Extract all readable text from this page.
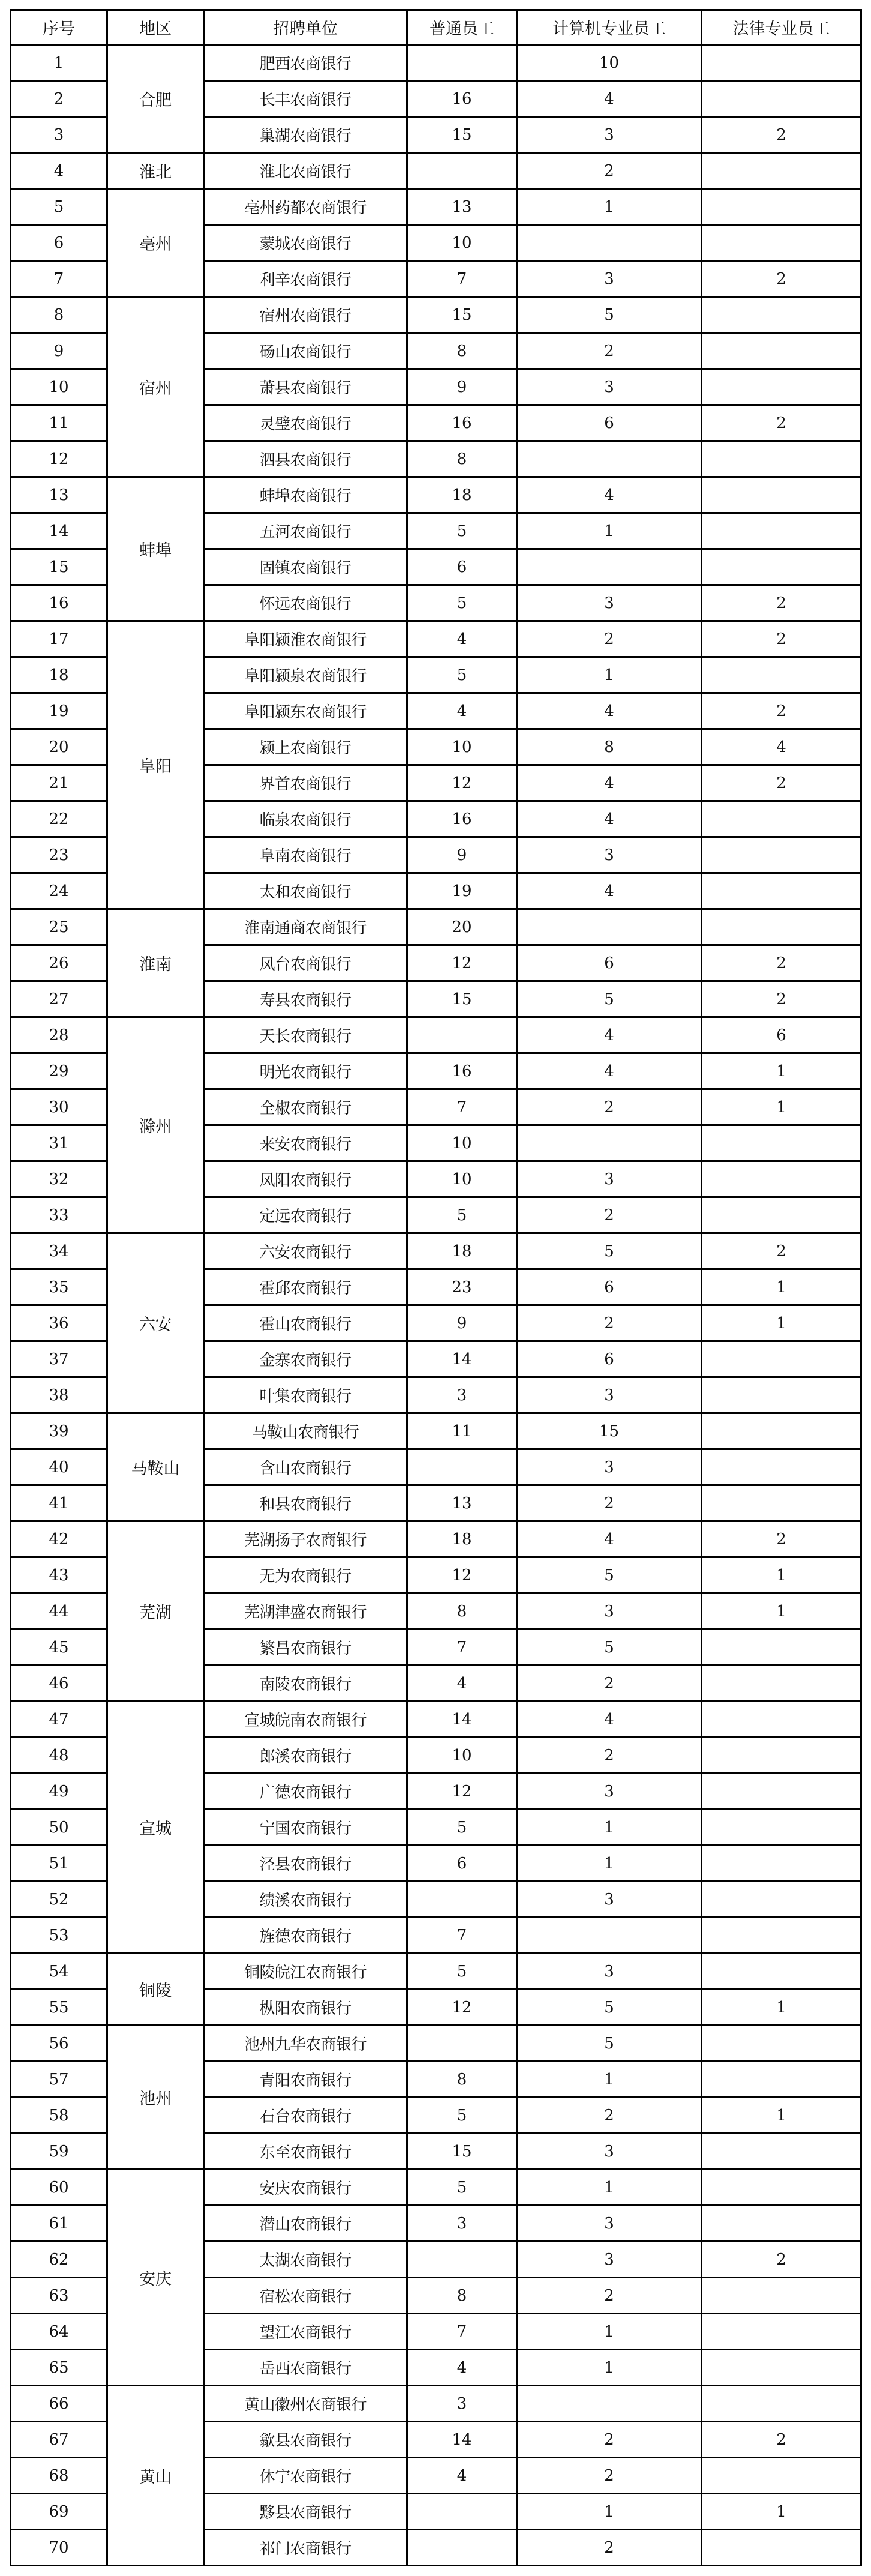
序号	地区	招聘单位	普通员工	计算机专业员工	法律专业员工
1	合肥	肥西农商银行		10	
2		长丰农商银行	16	4	
3		巢湖农商银行	15	3	2
4	淮北	淮北农商银行		2	
5	亳州	亳州药都农商银行	13	1	
6		蒙城农商银行	10		
7		利辛农商银行	7	3	2
8	宿州	宿州农商银行	15	5	
9		砀山农商银行	8	2	
10		萧县农商银行	9	3	
11		灵璧农商银行	16	6	2
12		泗县农商银行	8		
13	蚌埠	蚌埠农商银行	18	4	
14		五河农商银行	5	1	
15		固镇农商银行	6		
16		怀远农商银行	5	3	2
17	阜阳	阜阳颍淮农商银行	4	2	2
18		阜阳颍泉农商银行	5	1	
19		阜阳颍东农商银行	4	4	2
20		颍上农商银行	10	8	4
21		界首农商银行	12	4	2
22		临泉农商银行	16	4	
23		阜南农商银行	9	3	
24		太和农商银行	19	4	
25	淮南	淮南通商农商银行	20		
26		凤台农商银行	12	6	2
27		寿县农商银行	15	5	2
28	滁州	天长农商银行		4	6
29		明光农商银行	16	4	1
30		全椒农商银行	7	2	1
31		来安农商银行	10		
32		凤阳农商银行	10	3	
33		定远农商银行	5	2	
34	六安	六安农商银行	18	5	2
35		霍邱农商银行	23	6	1
36		霍山农商银行	9	2	1
37		金寨农商银行	14	6	
38		叶集农商银行	3	3	
39	马鞍山	马鞍山农商银行	11	15	
40		含山农商银行		3	
41		和县农商银行	13	2	
42	芜湖	芜湖扬子农商银行	18	4	2
43		无为农商银行	12	5	1
44		芜湖津盛农商银行	8	3	1
45		繁昌农商银行	7	5	
46		南陵农商银行	4	2	
47	宣城	宣城皖南农商银行	14	4	
48		郎溪农商银行	10	2	
49		广德农商银行	12	3	
50		宁国农商银行	5	1	
51		泾县农商银行	6	1	
52		绩溪农商银行		3	
53		旌德农商银行	7		
54	铜陵	铜陵皖江农商银行	5	3	
55		枞阳农商银行	12	5	1
56	池州	池州九华农商银行		5	
57		青阳农商银行	8	1	
58		石台农商银行	5	2	1
59		东至农商银行	15	3	
60	安庆	安庆农商银行	5	1	
61		潜山农商银行	3	3	
62		太湖农商银行		3	2
63		宿松农商银行	8	2	
64		望江农商银行	7	1	
65		岳西农商银行	4	1	
66	黄山	黄山徽州农商银行	3		
67		歙县农商银行	14	2	2
68		休宁农商银行	4	2	
69		黟县农商银行		1	1
70		祁门农商银行		2	
